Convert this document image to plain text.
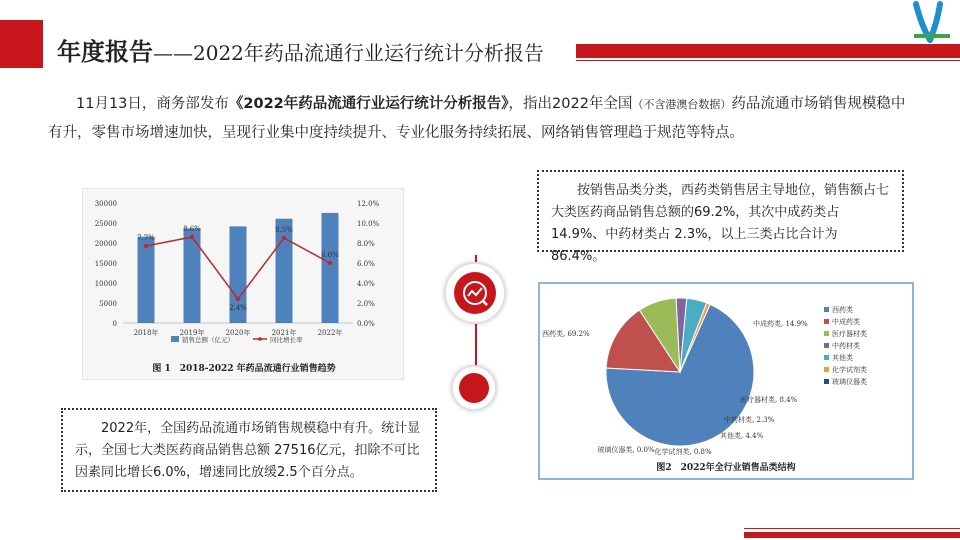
年度报告——2022年药品流通行业运行统计分析报告
11月13日，商务部发布《2022年药品流通行业运行统计分析报告》，指出2022年全国（不含港澳台数据）药品流通市场销售规模稳中有升，零售市场增速加快，呈现行业集中度持续提升、专业化服务持续拓展、网络销售管理趋于规范等特点。
0
5000
10000
15000
20000
25000
30000
0.0%
2.0%
4.0%
6.0%
8.0%
10.0%
12.0%
2018年	2019年	2020年	2021年	2022年
7.7%
8.6%
2.4%
8.5%
6.0%
销售总额（亿元）	同比增长率
图 1　2018-2022 年药品流通行业销售趋势
按销售品类分类，西药类销售居主导地位，销售额占七大类医药商品销售总额的69.2%，其次中成药类占 14.9%、中药材类占 2.3%，以上三类占比合计为 86.4%。
西药类, 69.2%
中成药类, 14.9%
医疗器材类, 8.4%
中药材类, 2.3%
其他类, 4.4%
化学试剂类, 0.8%
玻璃仪器类, 0.0%
西药类
中成药类
医疗器材类
中药材类
其他类
化学试剂类
玻璃仪器类
图2　2022年全行业销售品类结构
2022年，全国药品流通市场销售规模稳中有升。统计显示，全国七大类医药商品销售总额 27516亿元，扣除不可比因素同比增长6.0%，增速同比放缓2.5个百分点。
